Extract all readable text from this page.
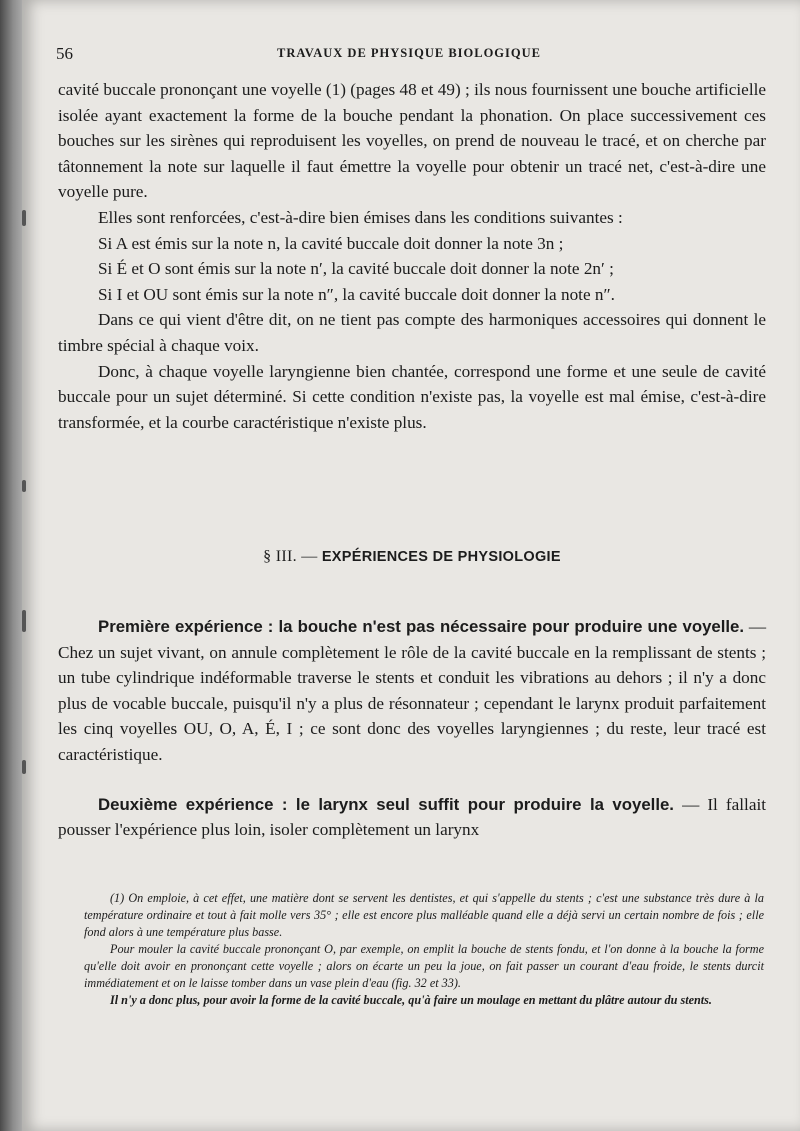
56	TRAVAUX DE PHYSIQUE BIOLOGIQUE

cavité buccale prononçant une voyelle (1) (pages 48 et 49) ; ils nous fournissent une bouche artificielle isolée ayant exactement la forme de la bouche pendant la phonation. On place successivement ces bouches sur les sirènes qui reproduisent les voyelles, on prend de nouveau le tracé, et on cherche par tâtonnement la note sur laquelle il faut émettre la voyelle pour obtenir un tracé net, c'est-à-dire une voyelle pure.

Elles sont renforcées, c'est-à-dire bien émises dans les conditions suivantes :

Si A est émis sur la note n, la cavité buccale doit donner la note 3n ;

Si É et O sont émis sur la note n′, la cavité buccale doit donner la note 2n′ ;

Si I et OU sont émis sur la note n″, la cavité buccale doit donner la note n″.

Dans ce qui vient d'être dit, on ne tient pas compte des harmoniques accessoires qui donnent le timbre spécial à chaque voix.

Donc, à chaque voyelle laryngienne bien chantée, correspond une forme et une seule de cavité buccale pour un sujet déterminé. Si cette condition n'existe pas, la voyelle est mal émise, c'est-à-dire transformée, et la courbe caractéristique n'existe plus.

§ III. — EXPÉRIENCES DE PHYSIOLOGIE

Première expérience : la bouche n'est pas nécessaire pour produire une voyelle. — Chez un sujet vivant, on annule complètement le rôle de la cavité buccale en la remplissant de stents ; un tube cylindrique indéformable traverse le stents et conduit les vibrations au dehors ; il n'y a donc plus de vocable buccale, puisqu'il n'y a plus de résonnateur ; cependant le larynx produit parfaitement les cinq voyelles OU, O, A, É, I ; ce sont donc des voyelles laryngiennes ; du reste, leur tracé est caractéristique.

Deuxième expérience : le larynx seul suffit pour produire la voyelle. — Il fallait pousser l'expérience plus loin, isoler complètement un larynx

(1) On emploie, à cet effet, une matière dont se servent les dentistes, et qui s'appelle du stents ; c'est une substance très dure à la température ordinaire et tout à fait molle vers 35° ; elle est encore plus malléable quand elle a déjà servi un certain nombre de fois ; elle fond alors à une température plus basse.

Pour mouler la cavité buccale prononçant O, par exemple, on emplit la bouche de stents fondu, et l'on donne à la bouche la forme qu'elle doit avoir en prononçant cette voyelle ; alors on écarte un peu la joue, on fait passer un courant d'eau froide, le stents durcit immédiatement et on le laisse tomber dans un vase plein d'eau (fig. 32 et 33).

Il n'y a donc plus, pour avoir la forme de la cavité buccale, qu'à faire un moulage en mettant du plâtre autour du stents.
